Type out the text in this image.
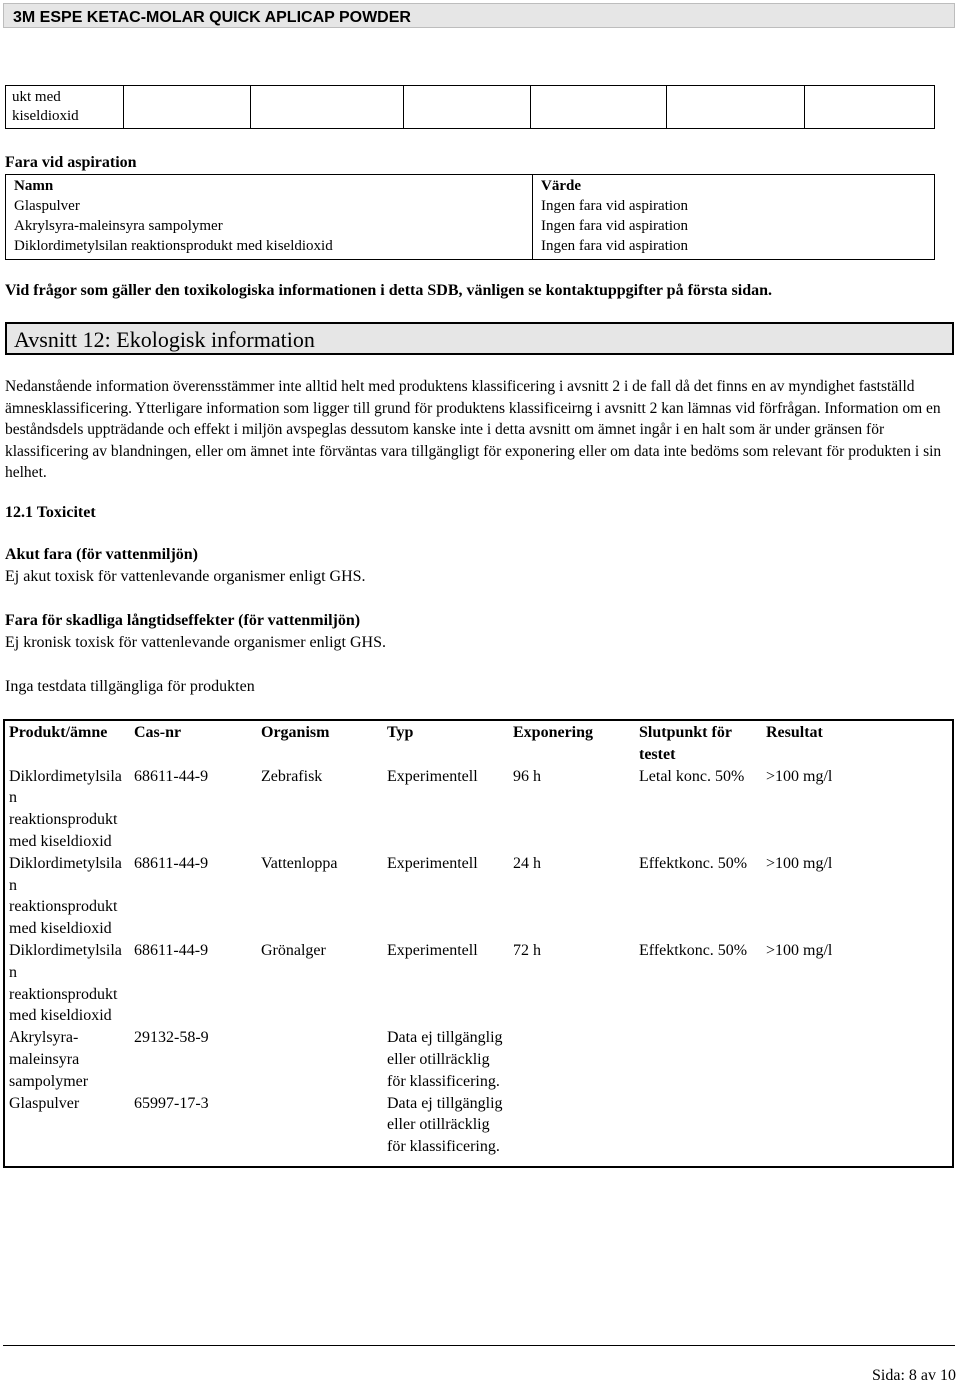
3M ESPE KETAC-MOLAR QUICK APLICAP POWDER
ukt med
kiseldioxid

Fara vid aspiration
Namn	Värde
Glaspulver	Ingen fara vid aspiration
Akrylsyra-maleinsyra sampolymer	Ingen fara vid aspiration
Diklordimetylsilan reaktionsprodukt med kiseldioxid	Ingen fara vid aspiration
Vid frågor som gäller den toxikologiska informationen i detta SDB, vänligen se kontaktuppgifter på första sidan.
Avsnitt 12: Ekologisk information
Nedanstående information överensstämmer inte alltid helt med produktens klassificering i avsnitt 2 i de fall då det finns en av myndighet fastställd ämnesklassificering. Ytterligare information som ligger till grund för produktens klassificeirng i avsnitt 2 kan lämnas vid förfrågan. Information om en beståndsdels uppträdande och effekt i miljön avspeglas dessutom kanske inte i detta avsnitt om ämnet ingår i en halt som är under gränsen för klassificering av blandningen, eller om ämnet inte förväntas vara tillgängligt för exponering eller om data inte bedöms som relevant för produkten i sin helhet.
12.1 Toxicitet
Akut fara (för vattenmiljön)
Ej akut toxisk för vattenlevande organismer enligt GHS.
Fara för skadliga långtidseffekter (för vattenmiljön)
Ej kronisk toxisk för vattenlevande organismer enligt GHS.
Inga testdata tillgängliga för produkten
Produkt/ämne	Cas-nr	Organism	Typ	Exponering	Slutpunkt för testet	Resultat
Diklordimetylsilan reaktionsprodukt med kiseldioxid	68611-44-9	Zebrafisk	Experimentell	96 h	Letal konc. 50%	>100 mg/l
Diklordimetylsilan reaktionsprodukt med kiseldioxid	68611-44-9	Vattenloppa	Experimentell	24 h	Effektkonc. 50%	>100 mg/l
Diklordimetylsilan reaktionsprodukt med kiseldioxid	68611-44-9	Grönalger	Experimentell	72 h	Effektkonc. 50%	>100 mg/l
Akrylsyra-maleinsyra sampolymer	29132-58-9		Data ej tillgänglig eller otillräcklig för klassificering.			
Glaspulver	65997-17-3		Data ej tillgänglig eller otillräcklig för klassificering.			
Sida: 8 av 10
